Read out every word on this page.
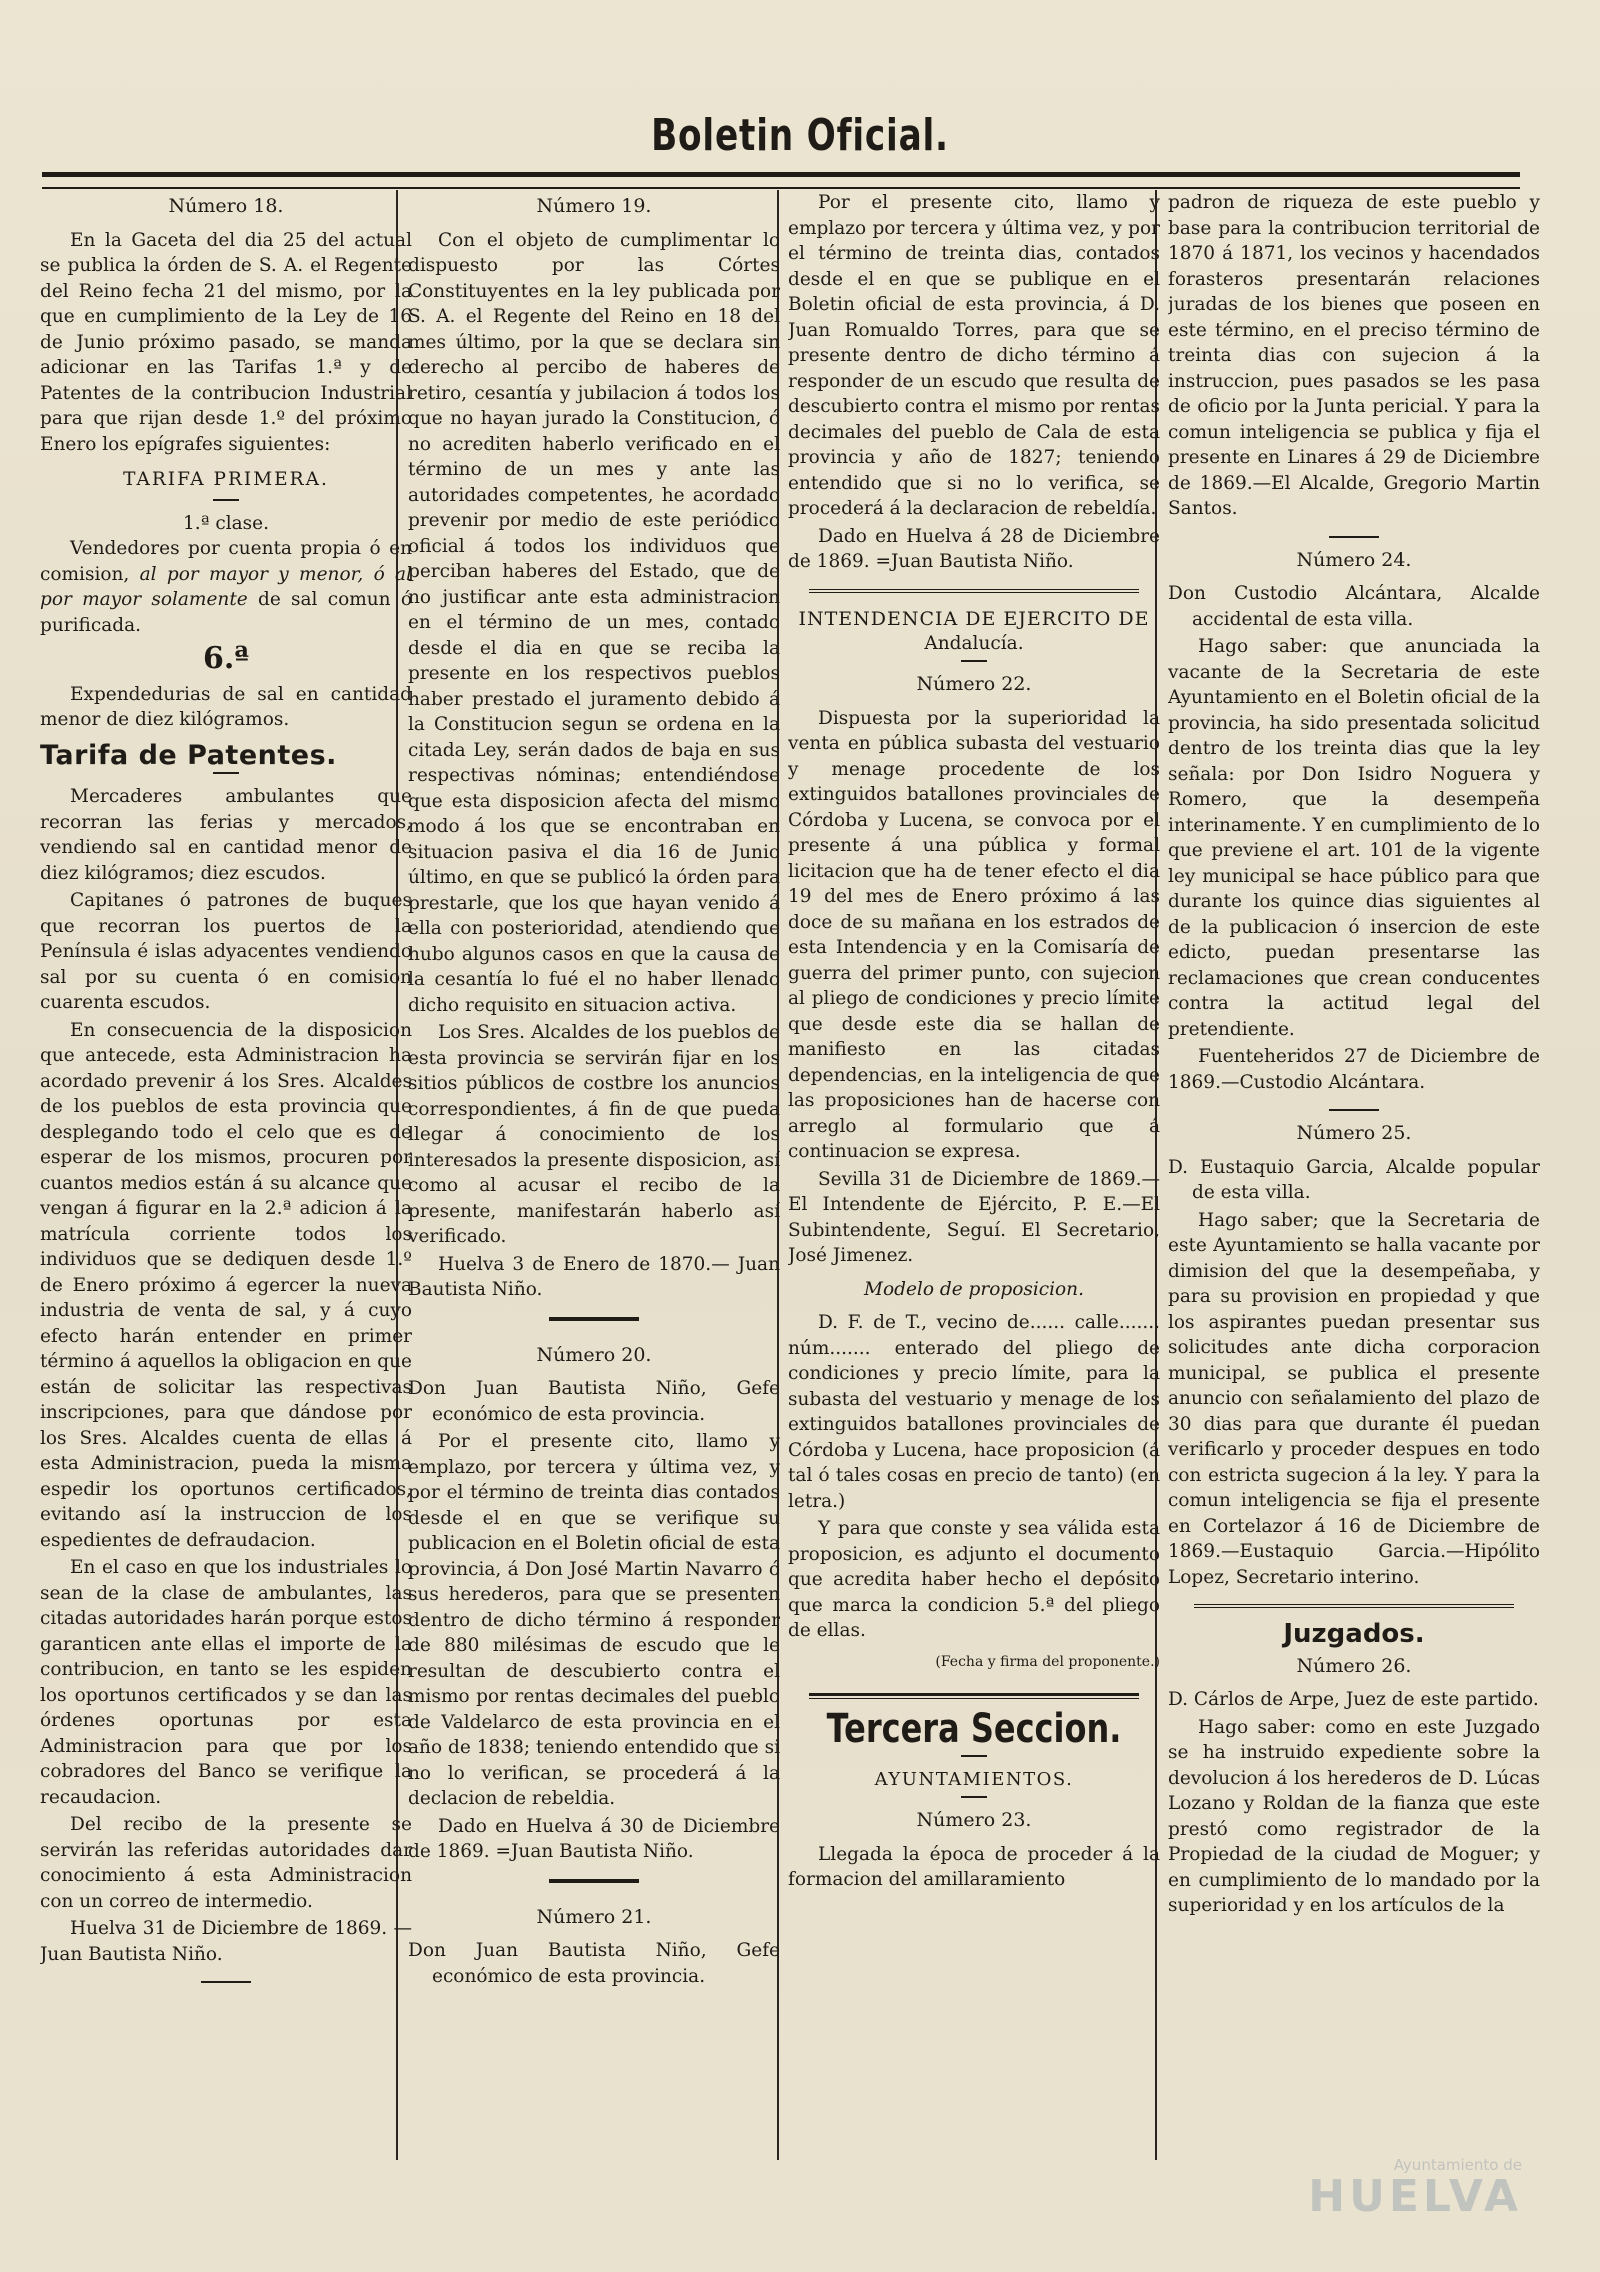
Boletin Oficial.
Número 18.

En la Gaceta del dia 25 del actual se publica la órden de S. A. el Regente del Reino fecha 21 del mismo, por la que en cumplimiento de la Ley de 16 de Junio próximo pasado, se manda adicionar en las Tarifas 1.ª y de Patentes de la contribucion Industrial para que rijan desde 1.º del próximo Enero los epígrafes siguientes:

TARIFA PRIMERA.
1.ª clase.

Vendedores por cuenta propia ó en comision, al por mayor y menor, ó al por mayor solamente de sal comun ó purificada.

6.ª

Expendedurias de sal en cantidad menor de diez kilógramos.

Tarifa de Patentes.

Mercaderes ambulantes que recorran las ferias y mercados, vendiendo sal en cantidad menor de diez kilógramos; diez escudos.

Capitanes ó patrones de buques que recorran los puertos de la Península é islas adyacentes vendiendo sal por su cuenta ó en comision cuarenta escudos.

En consecuencia de la disposicion que antecede, esta Administracion ha acordado prevenir á los Sres. Alcaldes de los pueblos de esta provincia que desplegando todo el celo que es de esperar de los mismos, procuren por cuantos medios están á su alcance que vengan á figurar en la 2.ª adicion á la matrícula corriente todos los individuos que se dediquen desde 1.º de Enero próximo á egercer la nueva industria de venta de sal, y á cuyo efecto harán entender en primer término á aquellos la obligacion en que están de solicitar las respectivas inscripciones, para que dándose por los Sres. Alcaldes cuenta de ellas á esta Administracion, pueda la misma espedir los oportunos certificados, evitando así la instruccion de los espedientes de defraudacion.

En el caso en que los industriales lo sean de la clase de ambulantes, las citadas autoridades harán porque estos garanticen ante ellas el importe de la contribucion, en tanto se les espiden los oportunos certificados y se dan las órdenes oportunas por esta Administracion para que por los cobradores del Banco se verifique la recaudacion.

Del recibo de la presente se servirán las referidas autoridades dar conocimiento á esta Administracion con un correo de intermedio.

Huelva 31 de Diciembre de 1869. —Juan Bautista Niño.

Número 19.

Con el objeto de cumplimentar lo dispuesto por las Córtes Constituyentes en la ley publicada por S. A. el Regente del Reino en 18 del mes último, por la que se declara sin derecho al percibo de haberes de retiro, cesantía y jubilacion á todos los que no hayan jurado la Constitucion, ó no acrediten haberlo verificado en el término de un mes y ante las autoridades competentes, he acordado prevenir por medio de este periódico oficial á todos los individuos que perciban haberes del Estado, que de no justificar ante esta administracion en el término de un mes, contado desde el dia en que se reciba la presente en los respectivos pueblos haber prestado el juramento debido á la Constitucion segun se ordena en la citada Ley, serán dados de baja en sus respectivas nóminas; entendiéndose que esta disposicion afecta del mismo modo á los que se encontraban en situacion pasiva el dia 16 de Junio último, en que se publicó la órden para prestarle, que los que hayan venido á ella con posterioridad, atendiendo que hubo algunos casos en que la causa de la cesantía lo fué el no haber llenado dicho requisito en situacion activa.

Los Sres. Alcaldes de los pueblos de esta provincia se servirán fijar en los sitios públicos de costbre los anuncios correspondientes, á fin de que pueda llegar á conocimiento de los interesados la presente disposicion, así como al acusar el recibo de la presente, manifestarán haberlo así verificado.

Huelva 3 de Enero de 1870.— Juan Bautista Niño.

Número 20.

Don Juan Bautista Niño, Gefe económico de esta provincia.

Por el presente cito, llamo y emplazo, por tercera y última vez, y por el término de treinta dias contados desde el en que se verifique su publicacion en el Boletin oficial de esta provincia, á Don José Martin Navarro ó sus herederos, para que se presenten dentro de dicho término á responder de 880 milésimas de escudo que le resultan de descubierto contra el mismo por rentas decimales del pueblo de Valdelarco de esta provincia en el año de 1838; teniendo entendido que si no lo verifican, se procederá á la declacion de rebeldia.

Dado en Huelva á 30 de Diciembre de 1869. =Juan Bautista Niño.

Número 21.

Don Juan Bautista Niño, Gefe económico de esta provincia.

Por el presente cito, llamo y emplazo por tercera y última vez, y por el término de treinta dias, contados desde el en que se publique en el Boletin oficial de esta provincia, á D. Juan Romualdo Torres, para que se presente dentro de dicho término á responder de un escudo que resulta de descubierto contra el mismo por rentas decimales del pueblo de Cala de esta provincia y año de 1827; teniendo entendido que si no lo verifica, se procederá á la declaracion de rebeldía.

Dado en Huelva á 28 de Diciembre de 1869. =Juan Bautista Niño.

INTENDENCIA DE EJERCITO DE
Andalucía.
Número 22.

Dispuesta por la superioridad la venta en pública subasta del vestuario y menage procedente de los extinguidos batallones provinciales de Córdoba y Lucena, se convoca por el presente á una pública y formal licitacion que ha de tener efecto el dia 19 del mes de Enero próximo á las doce de su mañana en los estrados de esta Intendencia y en la Comisaría de guerra del primer punto, con sujecion al pliego de condiciones y precio límite que desde este dia se hallan de manifiesto en las citadas dependencias, en la inteligencia de que las proposiciones han de hacerse con arreglo al formulario que á continuacion se expresa.

Sevilla 31 de Diciembre de 1869.— El Intendente de Ejército, P. E.—El Subintendente, Seguí. El Secretario, José Jimenez.

Modelo de proposicion.

D. F. de T., vecino de...... calle....... núm....... enterado del pliego de condiciones y precio límite, para la subasta del vestuario y menage de los extinguidos batallones provinciales de Córdoba y Lucena, hace proposicion (á tal ó tales cosas en precio de tanto) (en letra.)

Y para que conste y sea válida esta proposicion, es adjunto el documento que acredita haber hecho el depósito que marca la condicion 5.ª del pliego de ellas.

(Fecha y firma del proponente.)
Tercera Seccion.
AYUNTAMIENTOS.
Número 23.

Llegada la época de proceder á la formacion del amillaramiento

padron de riqueza de este pueblo y base para la contribucion territorial de 1870 á 1871, los vecinos y hacendados forasteros presentarán relaciones juradas de los bienes que poseen en este término, en el preciso término de treinta dias con sujecion á la instruccion, pues pasados se les pasa de oficio por la Junta pericial. Y para la comun inteligencia se publica y fija el presente en Linares á 29 de Diciembre de 1869.—El Alcalde, Gregorio Martin Santos.

Número 24.

Don Custodio Alcántara, Alcalde accidental de esta villa.

Hago saber: que anunciada la vacante de la Secretaria de este Ayuntamiento en el Boletin oficial de la provincia, ha sido presentada solicitud dentro de los treinta dias que la ley señala: por Don Isidro Noguera y Romero, que la desempeña interinamente. Y en cumplimiento de lo que previene el art. 101 de la vigente ley municipal se hace público para que durante los quince dias siguientes al de la publicacion ó insercion de este edicto, puedan presentarse las reclamaciones que crean conducentes contra la actitud legal del pretendiente.

Fuenteheridos 27 de Diciembre de 1869.—Custodio Alcántara.

Número 25.

D. Eustaquio Garcia, Alcalde popular de esta villa.

Hago saber; que la Secretaria de este Ayuntamiento se halla vacante por dimision del que la desempeñaba, y para su provision en propiedad y que los aspirantes puedan presentar sus solicitudes ante dicha corporacion municipal, se publica el presente anuncio con señalamiento del plazo de 30 dias para que durante él puedan verificarlo y proceder despues en todo con estricta sugecion á la ley. Y para la comun inteligencia se fija el presente en Cortelazor á 16 de Diciembre de 1869.—Eustaquio Garcia.—Hipólito Lopez, Secretario interino.

Juzgados.
Número 26.

D. Cárlos de Arpe, Juez de este partido.

Hago saber: como en este Juzgado se ha instruido expediente sobre la devolucion á los herederos de D. Lúcas Lozano y Roldan de la fianza que este prestó como registrador de la Propiedad de la ciudad de Moguer; y en cumplimiento de lo mandado por la superioridad y en los artículos de la

Ayuntamiento de
HUELVA
